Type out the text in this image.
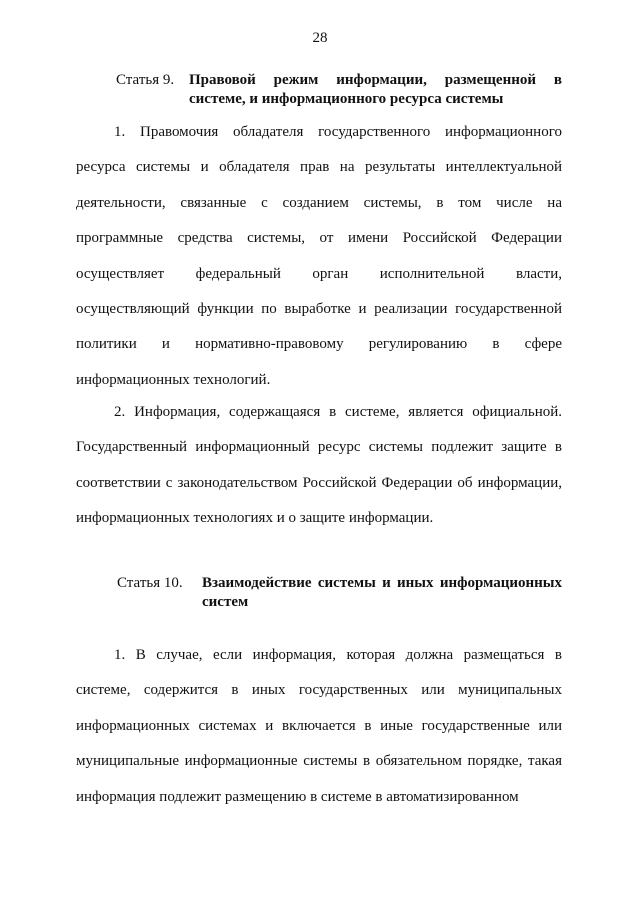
28
Статья 9. Правовой режим информации, размещенной в системе, и информационного ресурса системы

1. Правомочия обладателя государственного информационного ресурса системы и обладателя прав на результаты интеллектуальной деятельности, связанные с созданием системы, в том числе на программные средства системы, от имени Российской Федерации осуществляет федеральный орган исполнительной власти, осуществляющий функции по выработке и реализации государственной политики и нормативно-правовому регулированию в сфере информационных технологий.

2. Информация, содержащаяся в системе, является официальной. Государственный информационный ресурс системы подлежит защите в соответствии с законодательством Российской Федерации об информации, информационных технологиях и о защите информации.

Статья 10. Взаимодействие системы и иных информационных систем

1. В случае, если информация, которая должна размещаться в системе, содержится в иных государственных или муниципальных информационных системах и включается в иные государственные или муниципальные информационные системы в обязательном порядке, такая информация подлежит размещению в системе в автоматизированном
